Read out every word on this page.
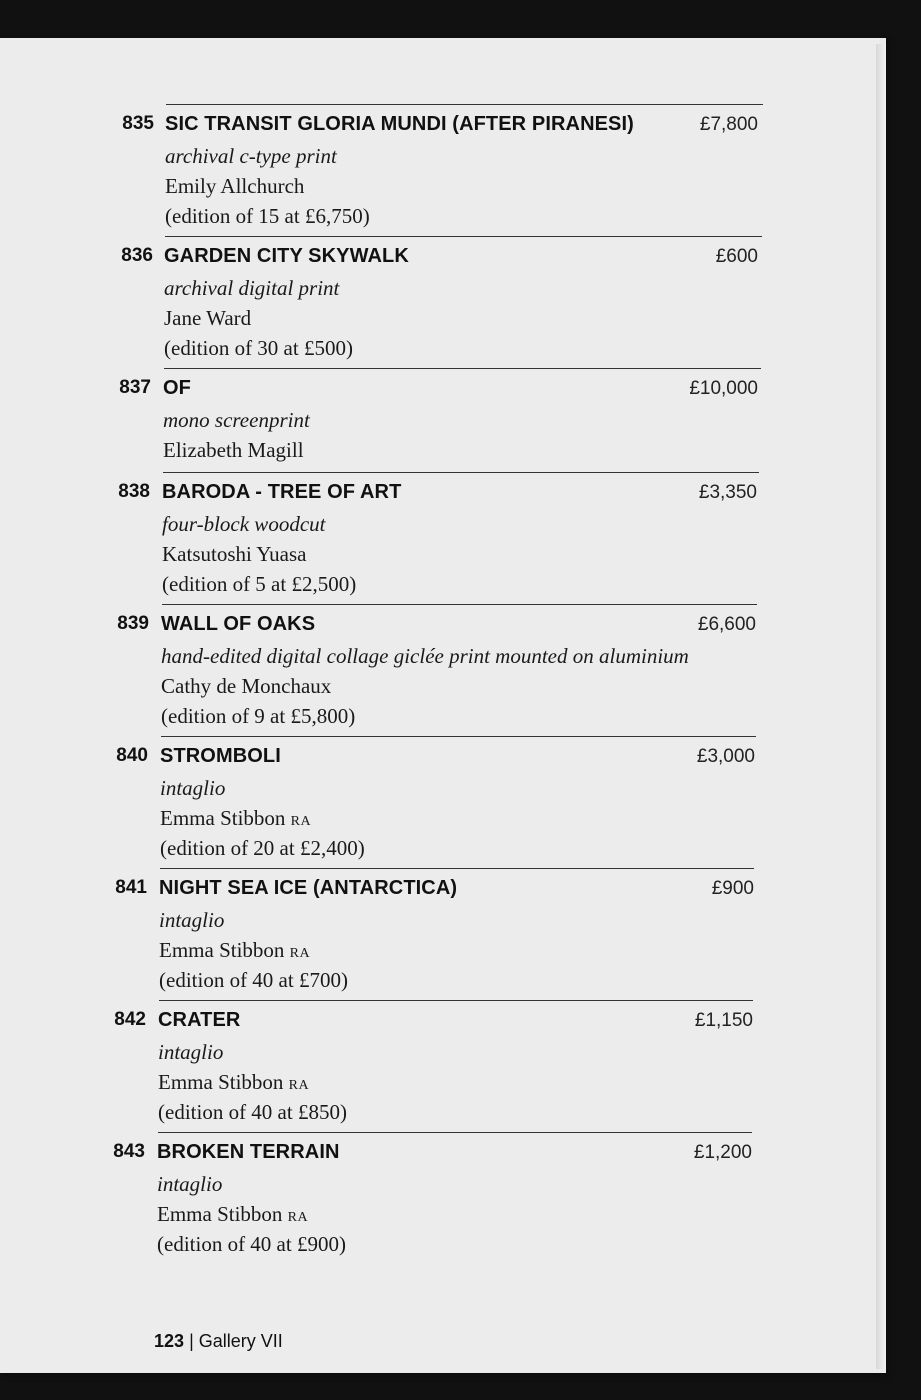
835 SIC TRANSIT GLORIA MUNDI (AFTER PIRANESI)	£7,800
archival c-type print
Emily Allchurch
(edition of 15 at £6,750)
836 GARDEN CITY SKYWALK	£600
archival digital print
Jane Ward
(edition of 30 at £500)
837 OF	£10,000
mono screenprint
Elizabeth Magill
838 BARODA - TREE OF ART	£3,350
four-block woodcut
Katsutoshi Yuasa
(edition of 5 at £2,500)
839 WALL OF OAKS	£6,600
hand-edited digital collage giclée print mounted on aluminium
Cathy de Monchaux
(edition of 9 at £5,800)
840 STROMBOLI	£3,000
intaglio
Emma Stibbon RA
(edition of 20 at £2,400)
841 NIGHT SEA ICE (ANTARCTICA)	£900
intaglio
Emma Stibbon RA
(edition of 40 at £700)
842 CRATER	£1,150
intaglio
Emma Stibbon RA
(edition of 40 at £850)
843 BROKEN TERRAIN	£1,200
intaglio
Emma Stibbon RA
(edition of 40 at £900)
123 | Gallery VII
